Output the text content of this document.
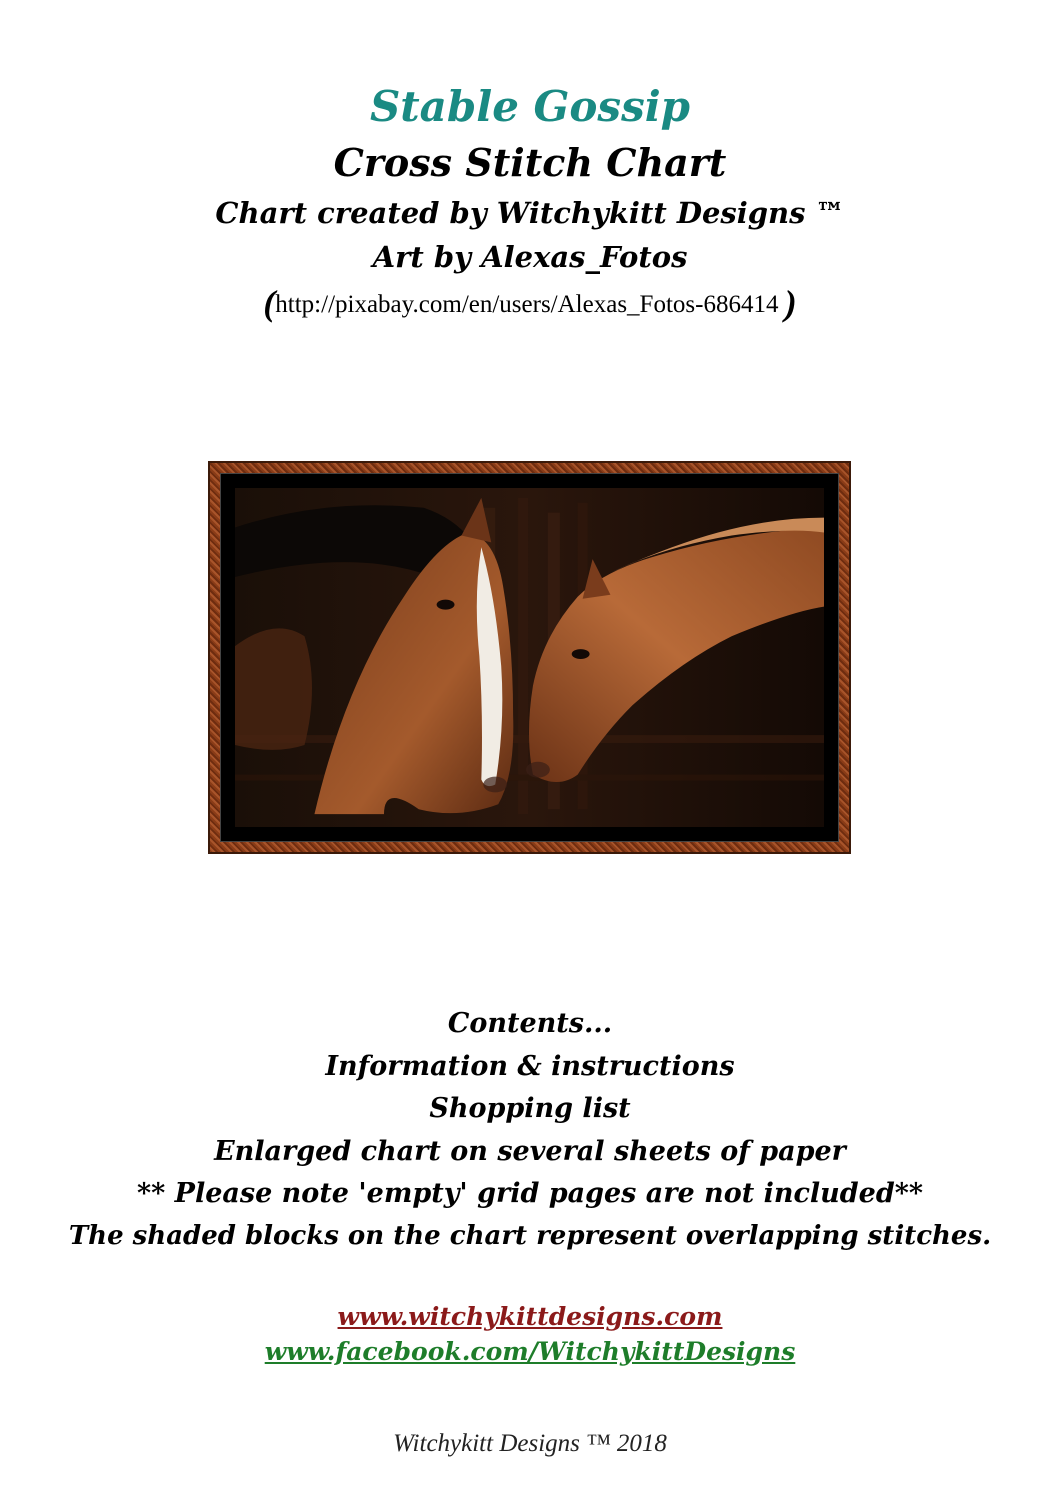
Stable Gossip
Cross Stitch Chart
Chart created by Witchykitt Designs ™
Art by Alexas_Fotos
(http://pixabay.com/en/users/Alexas_Fotos-686414 )
Contents...
Information & instructions
Shopping list
Enlarged chart on several sheets of paper
** Please note 'empty' grid pages are not included**
The shaded blocks on the chart represent overlapping stitches.
www.witchykittdesigns.com
www.facebook.com/WitchykittDesigns
Witchykitt Designs ™ 2018
